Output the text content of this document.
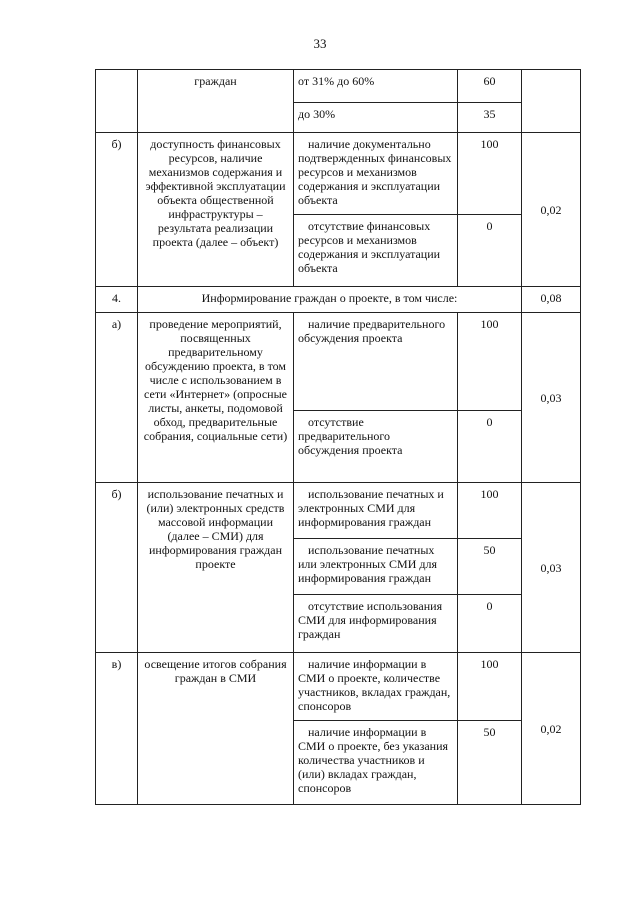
33
	граждан	от 31% до 60%	60	
		до 30%	35	
б)	доступность финансовых ресурсов, наличие механизмов содержания и эффективной эксплуатации объекта общественной инфраструктуры – результата реализации проекта (далее – объект)	наличие документально подтвержденных финансовых ресурсов и механизмов содержания и эксплуатации объекта	100	0,02
		отсутствие финансовых ресурсов и механизмов содержания и эксплуатации объекта	0	
4.	Информирование граждан о проекте, в том числе:			0,08
а)	проведение мероприятий, посвященных предварительному обсуждению проекта, в том числе с использованием в сети «Интернет» (опросные листы, анкеты, подомовой обход, предварительные собрания, социальные сети)	наличие предварительного обсуждения проекта	100	0,03
		отсутствие предварительного обсуждения проекта	0	
б)	использование печатных и (или) электронных средств массовой информации (далее – СМИ) для информирования граждан проекте	использование печатных и электронных СМИ для информирования граждан	100	0,03
		использование печатных или электронных СМИ для информирования граждан	50	
		отсутствие использования СМИ для информирования граждан	0	
в)	освещение итогов собрания граждан в СМИ	наличие информации в СМИ о проекте, количестве участников, вкладах граждан, спонсоров	100	0,02
		наличие информации в СМИ о проекте, без указания количества участников и (или) вкладах граждан, спонсоров	50	
